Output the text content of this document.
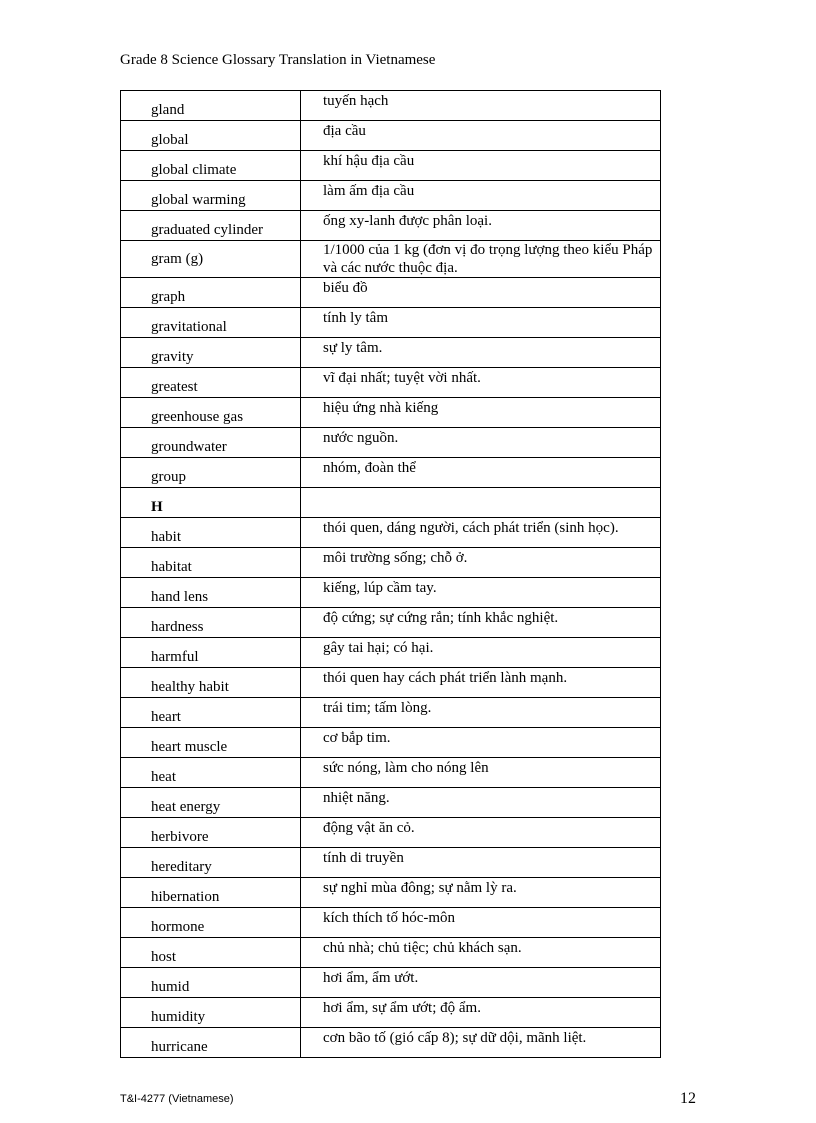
Grade 8 Science Glossary Translation in Vietnamese
gland	tuyến hạch
global	địa cầu
global climate	khí hậu địa cầu
global warming	làm ấm địa cầu
graduated cylinder	ống xy-lanh được phân loại.
gram (g)	1/1000 của 1 kg (đơn vị đo trọng lượng theo kiểu Pháp và các nước thuộc địa.
graph	biểu đồ
gravitational	tính ly tâm
gravity	sự ly tâm.
greatest	vĩ đại nhất; tuyệt vời nhất.
greenhouse gas	hiệu ứng nhà kiếng
groundwater	nước nguồn.
group	nhóm, đoàn thể
H	
habit	thói quen, dáng người, cách phát triển (sinh học).
habitat	môi trường sống; chỗ ở.
hand lens	kiếng, lúp cầm tay.
hardness	độ cứng; sự cứng rắn; tính khắc nghiệt.
harmful	gây tai hại; có hại.
healthy habit	thói quen hay cách phát triển lành mạnh.
heart	trái tim; tấm lòng.
heart muscle	cơ bắp tim.
heat	sức nóng, làm cho nóng lên
heat energy	nhiệt năng.
herbivore	động vật ăn cỏ.
hereditary	tính di truyền
hibernation	sự nghỉ mùa đông; sự nằm lỳ ra.
hormone	kích thích tố hóc-môn
host	chủ nhà; chủ tiệc; chủ khách sạn.
humid	hơi ẩm, ẩm ướt.
humidity	hơi ẩm, sự ẩm ướt; độ ẩm.
hurricane	cơn bão tố (gió cấp 8); sự dữ dội, mãnh liệt.
T&I-4277 (Vietnamese)	12
